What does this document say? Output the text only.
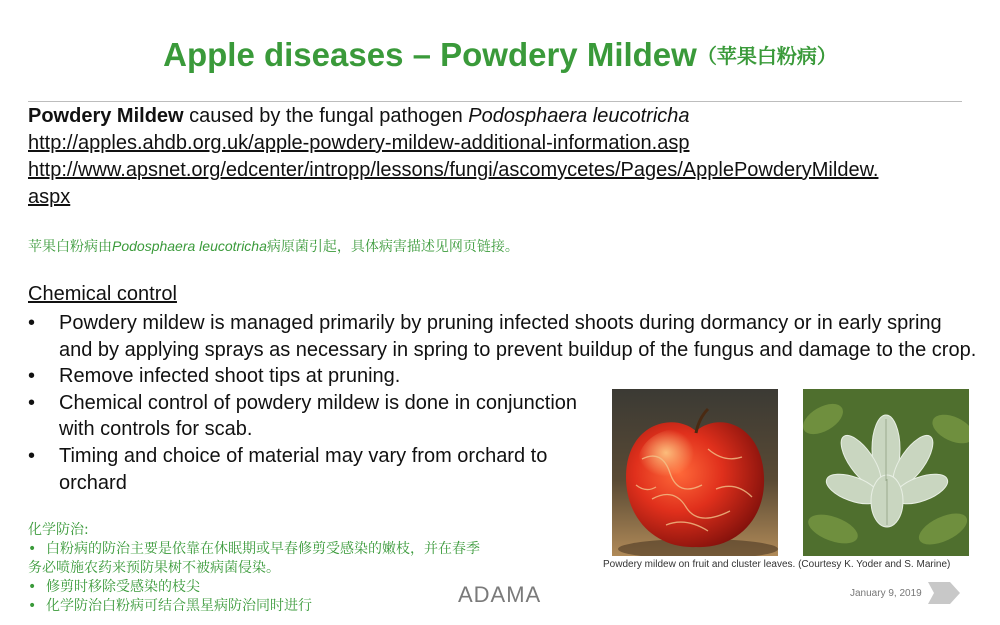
Apple diseases – Powdery Mildew（苹果白粉病）
Powdery Mildew caused by the fungal pathogen Podosphaera leucotricha
http://apples.ahdb.org.uk/apple-powdery-mildew-additional-information.asp
http://www.apsnet.org/edcenter/intropp/lessons/fungi/ascomycetes/Pages/ApplePowderyMildew.
aspx
苹果白粉病由Podosphaera leucotricha病原菌引起，具体病害描述见网页链接。
Chemical control
• Powdery mildew is managed primarily by pruning infected shoots during dormancy or in early spring and by applying sprays as necessary in spring to prevent buildup of the fungus and damage to the crop.
• Remove infected shoot tips at pruning.
• Chemical control of powdery mildew is done in conjunction with controls for scab.
• Timing and choice of material may vary from orchard to orchard
化学防治:
• 白粉病的防治主要是依靠在休眠期或早春修剪受感染的嫩枝，并在春季
务必喷施农药来预防果树不被病菌侵染。
• 修剪时移除受感染的枝尖
• 化学防治白粉病可结合黑星病防治同时进行
Powdery mildew on fruit and cluster leaves. (Courtesy K. Yoder and S. Marine)
ADAMA	January 9, 2019
